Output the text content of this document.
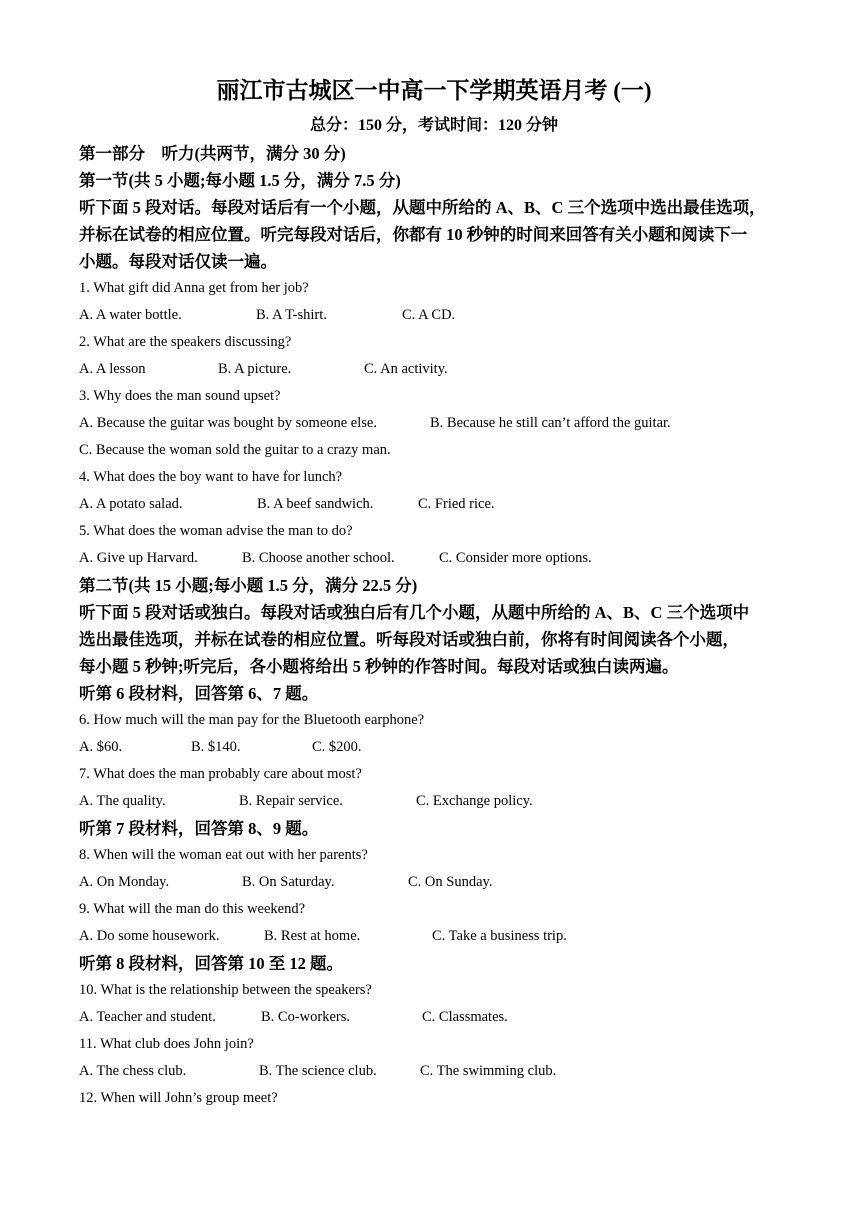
丽江市古城区一中高一下学期英语月考 (一)
总分：150 分，考试时间：120 分钟
第一部分　听力(共两节，满分 30 分)
第一节(共 5 小题;每小题 1.5 分，满分 7.5 分)
听下面 5 段对话。每段对话后有一个小题，从题中所给的 A、B、C 三个选项中选出最佳选项，
并标在试卷的相应位置。听完每段对话后，你都有 10 秒钟的时间来回答有关小题和阅读下一
小题。每段对话仅读一遍。
1. What gift did Anna get from her job?
A. A water bottle.	B. A T-shirt.	C. A CD.
2. What are the speakers discussing?
A. A lesson	B. A picture.	C. An activity.
3. Why does the man sound upset?
A. Because the guitar was bought by someone else.	B. Because he still can’t afford the guitar.
C. Because the woman sold the guitar to a crazy man.
4. What does the boy want to have for lunch?
A. A potato salad.	B. A beef sandwich.	C. Fried rice.
5. What does the woman advise the man to do?
A. Give up Harvard.	B. Choose another school.	C. Consider more options.
第二节(共 15 小题;每小题 1.5 分，满分 22.5 分)
听下面 5 段对话或独白。每段对话或独白后有几个小题，从题中所给的 A、B、C 三个选项中
选出最佳选项，并标在试卷的相应位置。听每段对话或独白前，你将有时间阅读各个小题，
每小题 5 秒钟;听完后，各小题将给出 5 秒钟的作答时间。每段对话或独白读两遍。
听第 6 段材料，回答第 6、7 题。
6. How much will the man pay for the Bluetooth earphone?
A. $60.	B. $140.	C. $200.
7. What does the man probably care about most?
A. The quality.	B. Repair service.	C. Exchange policy.
听第 7 段材料，回答第 8、9 题。
8. When will the woman eat out with her parents?
A. On Monday.	B. On Saturday.	C. On Sunday.
9. What will the man do this weekend?
A. Do some housework.	B. Rest at home.	C. Take a business trip.
听第 8 段材料，回答第 10 至 12 题。
10. What is the relationship between the speakers?
A. Teacher and student.	B. Co-workers.	C. Classmates.
11. What club does John join?
A. The chess club.	B. The science club.	C. The swimming club.
12. When will John’s group meet?
